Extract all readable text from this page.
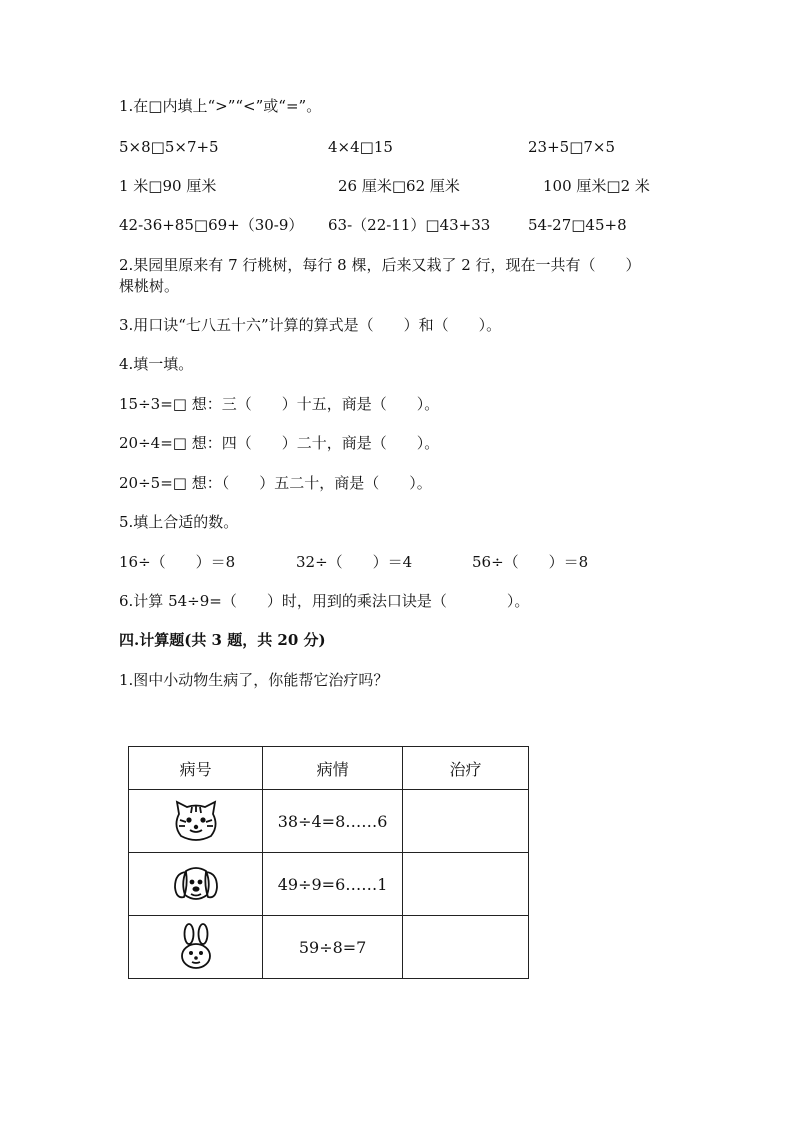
1.在□内填上“>”“<”或“=”。
5×8□5×7+5	4×4□15	23+5□7×5
1 米□90 厘米	26 厘米□62 厘米	100 厘米□2 米
42-36+85□69+（30-9） 63-（22-11）□43+33	54-27□45+8
2.果园里原来有 7 行桃树，每行 8 棵，后来又栽了 2 行，现在一共有（　　）
棵桃树。
3.用口诀“七八五十六”计算的算式是（　　）和（　　）。
4.填一填。
15÷3=□ 想：三（　　）十五，商是（　　）。
20÷4=□ 想：四（　　）二十，商是（　　）。
20÷5=□ 想：（　　）五二十，商是（　　）。
5.填上合适的数。
16÷（　　）＝8	32÷（　　）＝4	56÷（　　）＝8
6.计算 54÷9=（　　）时，用到的乘法口诀是（　　　　）。
四.计算题(共 3 题，共 20 分)
1.图中小动物生病了，你能帮它治疗吗？
病号	病情	治疗

	38÷4=8……6	

	49÷9=6……1	

	59÷8=7	
